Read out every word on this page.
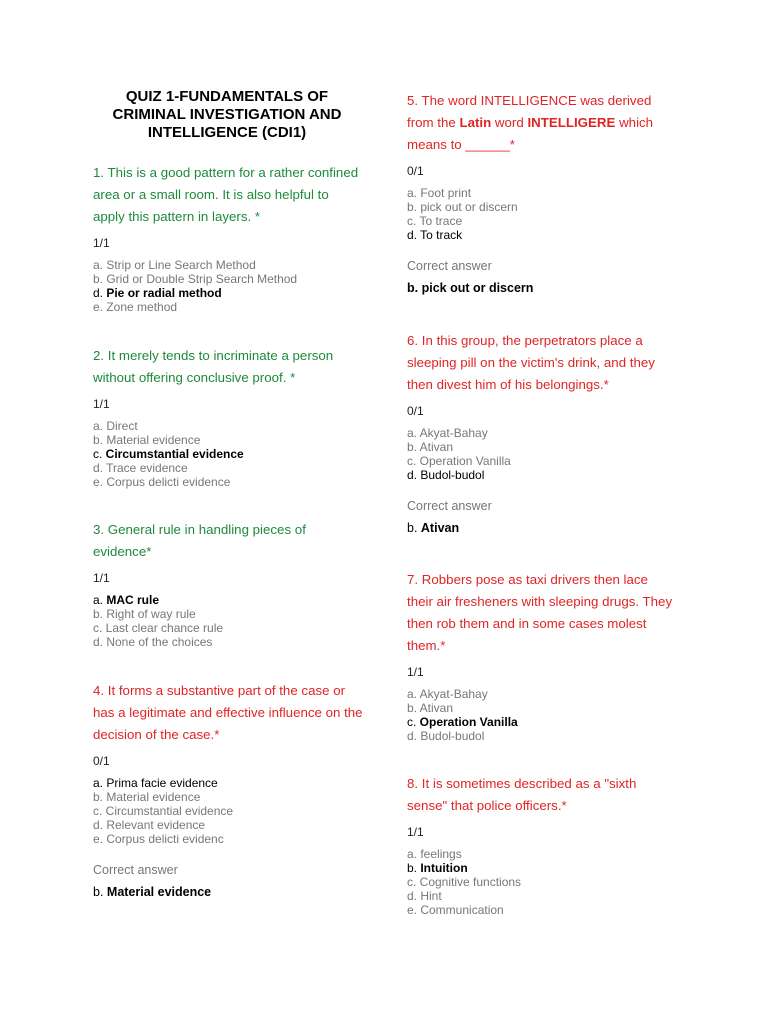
QUIZ 1-FUNDAMENTALS OF CRIMINAL INVESTIGATION AND INTELLIGENCE (CDI1)

1. This is a good pattern for a rather confined area or a small room. It is also helpful to apply this pattern in layers. *

1/1
a. Strip or Line Search Method
b. Grid or Double Strip Search Method
d. Pie or radial method
e. Zone method

2. It merely tends to incriminate a person without offering conclusive proof. *

1/1
a. Direct
b. Material evidence
c. Circumstantial evidence
d. Trace evidence
e. Corpus delicti evidence

3. General rule in handling pieces of evidence*

1/1
a. MAC rule
b. Right of way rule
c. Last clear chance rule
d. None of the choices

4. It forms a substantive part of the case or has a legitimate and effective influence on the decision of the case.*

0/1
a. Prima facie evidence
b. Material evidence
c. Circumstantial evidence
d. Relevant evidence
e. Corpus delicti evidenc
Correct answer
b. Material evidence

5. The word INTELLIGENCE was derived from the Latin word INTELLIGERE which means to ______*

0/1
a. Foot print
b. pick out or discern
c. To trace
d. To track
Correct answer
b. pick out or discern

6. In this group, the perpetrators place a sleeping pill on the victim's drink, and they then divest him of his belongings.*

0/1
a. Akyat-Bahay
b. Ativan
c. Operation Vanilla
d. Budol-budol
Correct answer
b. Ativan

7. Robbers pose as taxi drivers then lace their air fresheners with sleeping drugs. They then rob them and in some cases molest them.*

1/1
a. Akyat-Bahay
b. Ativan
c. Operation Vanilla
d. Budol-budol

8. It is sometimes described as a "sixth sense" that police officers.*

1/1
a. feelings
b. Intuition
c. Cognitive functions
d. Hint
e. Communication
